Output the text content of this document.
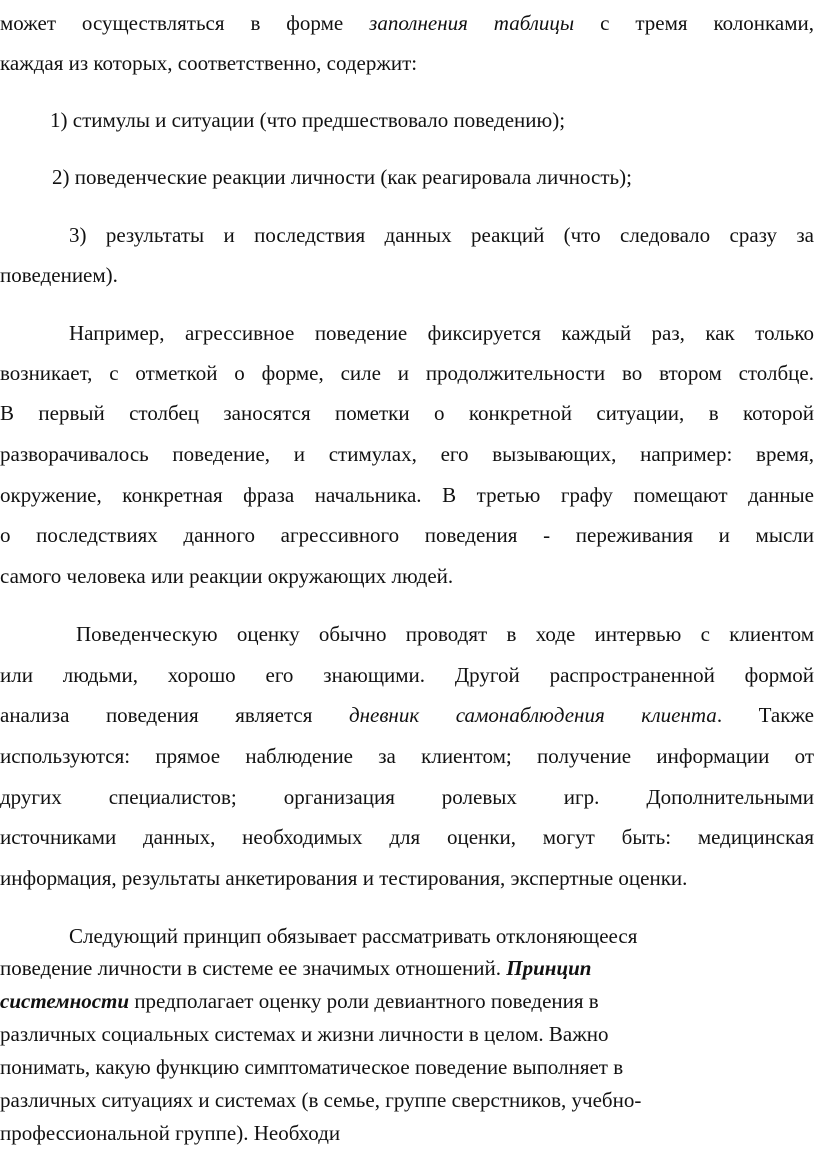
может осуществляться в форме заполнения таблицы с тремя колонками,

каждая из которых, соответственно, содержит:

1) стимулы и ситуации (что предшествовало поведению);

2) поведенческие реакции личности (как реагировала личность);

3) результаты и последствия данных реакций (что следовало сразу за

поведением).

Например, агрессивное поведение фиксируется каждый раз, как только

возникает, с отметкой о форме, силе и продолжительности во втором столбце.

В первый столбец заносятся пометки о конкретной ситуации, в которой

разворачивалось поведение, и стимулах, его вызывающих, например: время,

окружение, конкретная фраза начальника. В третью графу помещают данные

о последствиях данного агрессивного поведения - переживания и мысли

самого человека или реакции окружающих людей.

Поведенческую оценку обычно проводят в ходе интервью с клиентом

или людьми, хорошо его знающими. Другой распространенной формой

анализа поведения является дневник самонаблюдения клиента. Также

используются: прямое наблюдение за клиентом; получение информации от

других специалистов; организация ролевых игр. Дополнительными

источниками данных, необходимых для оценки, могут быть: медицинская

информация, результаты анкетирования и тестирования, экспертные оценки.

Следующий принцип обязывает рассматривать отклоняющееся

поведение личности в системе ее значимых отношений. Принцип

системности предполагает оценку роли девиантного поведения в

различных социальных системах и жизни личности в целом. Важно

понимать, какую функцию симптоматическое поведение выполняет в

различных ситуациях и системах (в семье, группе сверстников, учебно-

профессиональной группе). Необходи
